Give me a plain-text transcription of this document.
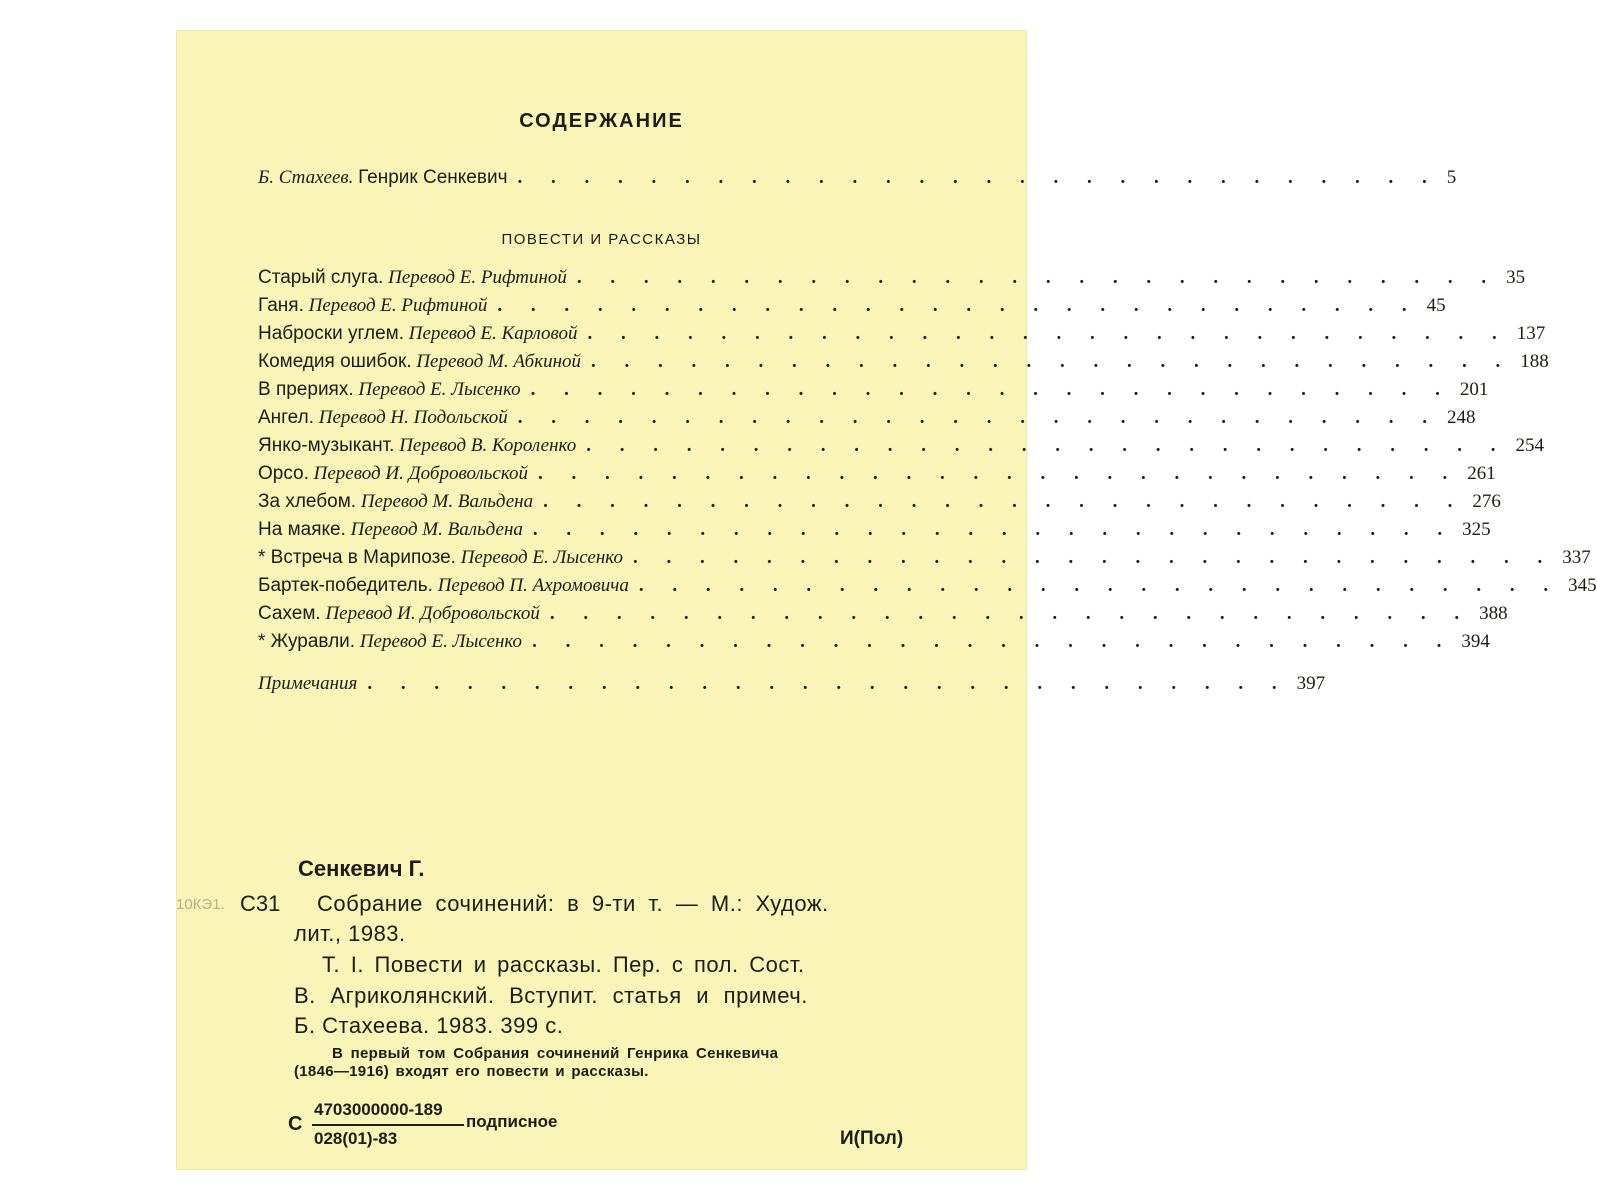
СОДЕРЖАНИЕ
Б. Стахеев. Генрик Сенкевич . . . . . . . . . . . . . . . . . . . . . . . . . . . . 5
ПОВЕСТИ И РАССКАЗЫ
Старый слуга. Перевод Е. Рифтиной . . . . . . . . . . . . . . . . . . . . . . . . . . . . 35
Ганя. Перевод Е. Рифтиной . . . . . . . . . . . . . . . . . . . . . . . . . . . . 45
Наброски углем. Перевод Е. Карловой . . . . . . . . . . . . . . . . . . . . . . . . . . . . 137
Комедия ошибок. Перевод М. Абкиной . . . . . . . . . . . . . . . . . . . . . . . . . . . . 188
В прериях. Перевод Е. Лысенко . . . . . . . . . . . . . . . . . . . . . . . . . . . . 201
Ангел. Перевод Н. Подольской . . . . . . . . . . . . . . . . . . . . . . . . . . . . 248
Янко-музыкант. Перевод В. Короленко . . . . . . . . . . . . . . . . . . . . . . . . . . . . 254
Орсо. Перевод И. Добровольской . . . . . . . . . . . . . . . . . . . . . . . . . . . . 261
За хлебом. Перевод М. Вальдена . . . . . . . . . . . . . . . . . . . . . . . . . . . . 276
На маяке. Перевод М. Вальдена . . . . . . . . . . . . . . . . . . . . . . . . . . . . 325
* Встреча в Марипозе. Перевод Е. Лысенко . . . . . . . . . . . . . . . . . . . . . . . . . . . . 337
Бартек-победитель. Перевод П. Ахромовича . . . . . . . . . . . . . . . . . . . . . . . . . . . . 345
Сахем. Перевод И. Добровольской . . . . . . . . . . . . . . . . . . . . . . . . . . . . 388
* Журавли. Перевод Е. Лысенко . . . . . . . . . . . . . . . . . . . . . . . . . . . . 394
Примечания . . . . . . . . . . . . . . . . . . . . . . . . . . . . 397
Сенкевич Г.
10КЭ1. С31 Собрание сочинений: в 9-ти т. — М.: Худож.
лит., 1983.
Т. I. Повести и рассказы. Пер. с пол. Сост.
В. Агриколянский. Вступит. статья и примеч.
Б. Стахеева. 1983. 399 с.
В первый том Собрания сочинений Генрика Сенкевича
(1846—1916) входят его повести и рассказы.
С
4703000000-189
подписное
028(01)-83	И(Пол)
